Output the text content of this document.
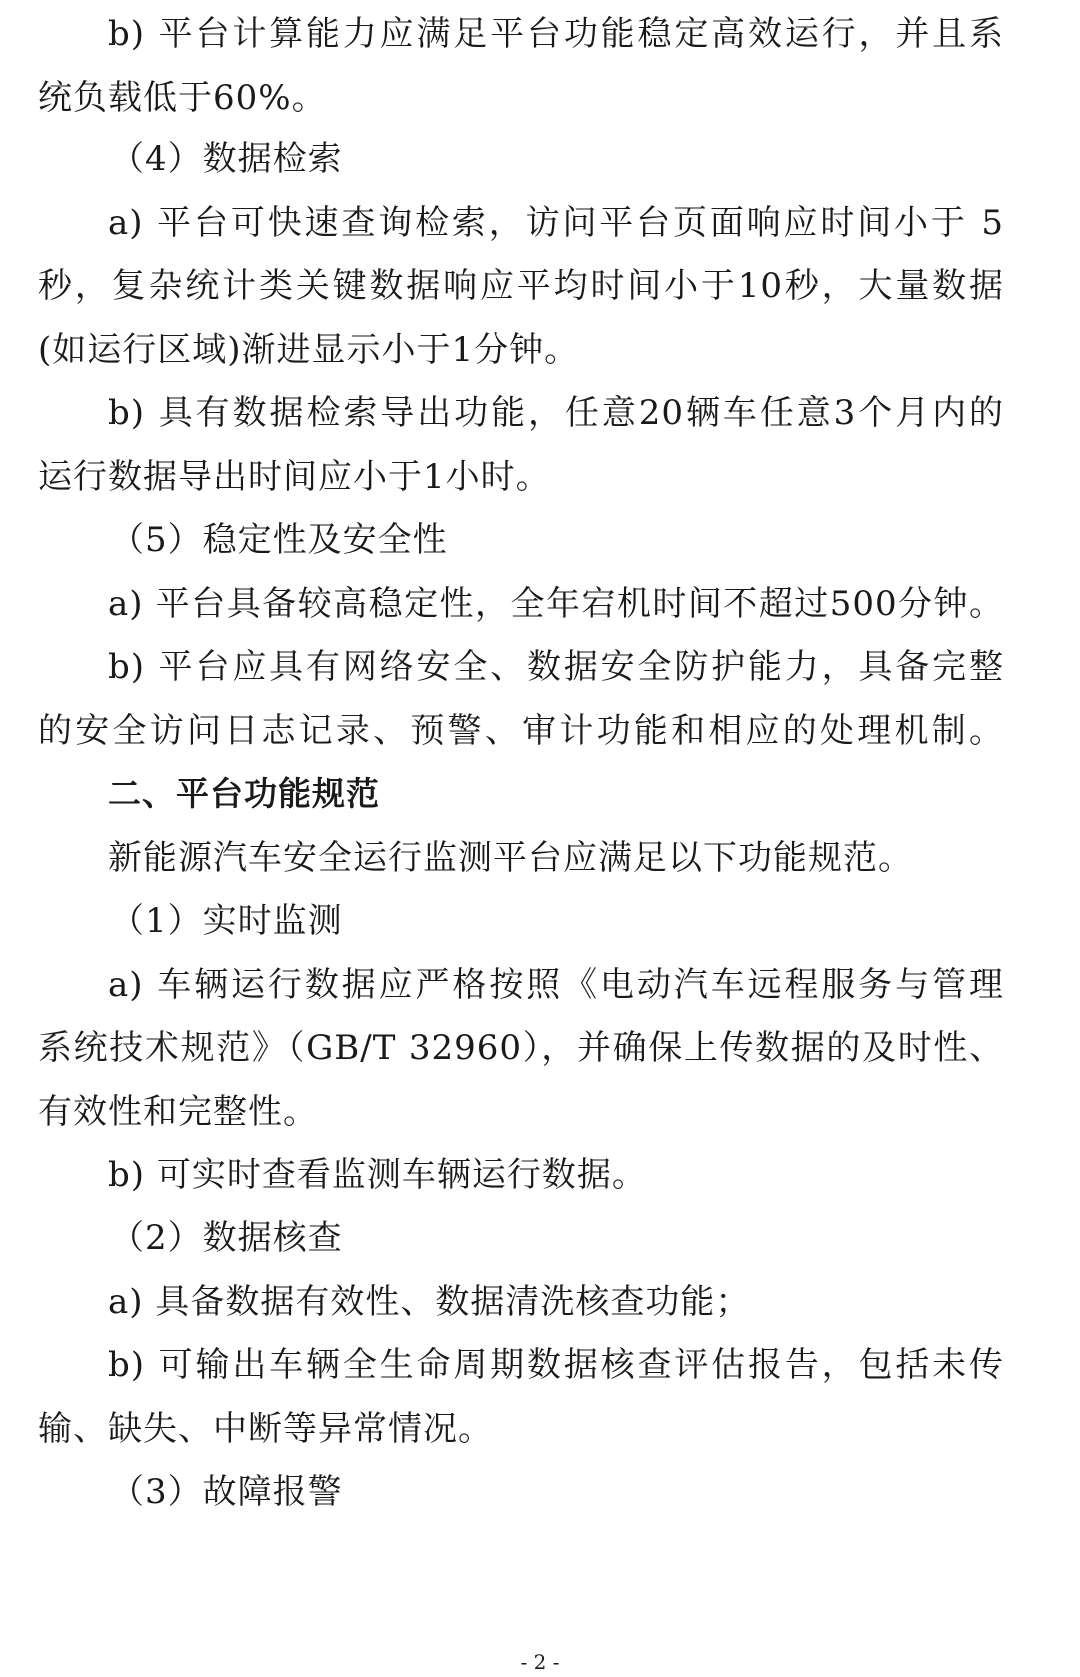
b) 平台计算能力应满足平台功能稳定高效运行，并且系
统负载低于60%。
（4）数据检索
a) 平台可快速查询检索，访问平台页面响应时间小于 5
秒，复杂统计类关键数据响应平均时间小于10秒，大量数据
(如运行区域)渐进显示小于1分钟。
b) 具有数据检索导出功能，任意20辆车任意3个月内的
运行数据导出时间应小于1小时。
（5）稳定性及安全性
a) 平台具备较高稳定性，全年宕机时间不超过500分钟。
b) 平台应具有网络安全、数据安全防护能力，具备完整
的安全访问日志记录、预警、审计功能和相应的处理机制。
二、平台功能规范
新能源汽车安全运行监测平台应满足以下功能规范。
（1）实时监测
a) 车辆运行数据应严格按照《电动汽车远程服务与管理
系统技术规范》（GB/T 32960），并确保上传数据的及时性、
有效性和完整性。
b) 可实时查看监测车辆运行数据。
（2）数据核查
a) 具备数据有效性、数据清洗核查功能；
b) 可输出车辆全生命周期数据核查评估报告，包括未传
输、缺失、中断等异常情况。
（3）故障报警
- 2 -
